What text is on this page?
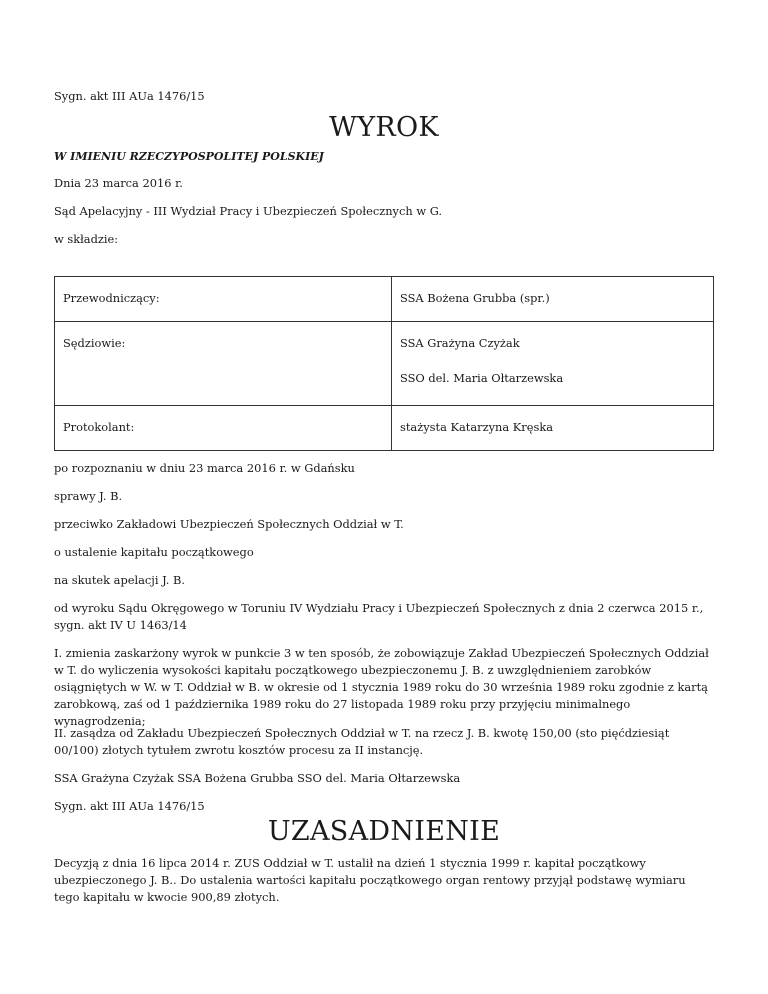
Sygn. akt III AUa 1476/15

WYROK

W IMIENIU RZECZYPOSPOLITEJ POLSKIEJ

Dnia 23 marca 2016 r.

Sąd Apelacyjny - III Wydział Pracy i Ubezpieczeń Społecznych w G.

w składzie:

Przewodniczący:	SSA Bożena Grubba (spr.)
Sędziowie:	SSA Grażyna Czyżak

SSO del. Maria Ołtarzewska

Protokolant:	stażysta Katarzyna Kręska

po rozpoznaniu w dniu 23 marca 2016 r. w Gdańsku

sprawy J. B.

przeciwko Zakładowi Ubezpieczeń Społecznych Oddział w T.

o ustalenie kapitału początkowego

na skutek apelacji J. B.

od wyroku Sądu Okręgowego w Toruniu IV Wydziału Pracy i Ubezpieczeń Społecznych z dnia 2 czerwca 2015 r., sygn. akt IV U 1463/14

I. zmienia zaskarżony wyrok w punkcie 3 w ten sposób, że zobowiązuje Zakład Ubezpieczeń Społecznych Oddział w T. do wyliczenia wysokości kapitału początkowego ubezpieczonemu J. B. z uwzględnieniem zarobków osiągniętych w W. w T. Oddział w B. w okresie od 1 stycznia 1989 roku do 30 września 1989 roku zgodnie z kartą zarobkową, zaś od 1 października 1989 roku do 27 listopada 1989 roku przy przyjęciu minimalnego wynagrodzenia;

II. zasądza od Zakładu Ubezpieczeń Społecznych Oddział w T. na rzecz J. B. kwotę 150,00 (sto pięćdziesiąt 00/100) złotych tytułem zwrotu kosztów procesu za II instancję.

SSA Grażyna Czyżak SSA Bożena Grubba SSO del. Maria Ołtarzewska

Sygn. akt III AUa 1476/15

UZASADNIENIE

Decyzją z dnia 16 lipca 2014 r. ZUS Oddział w T. ustalił na dzień 1 stycznia 1999 r. kapitał początkowy ubezpieczonego J. B.. Do ustalenia wartości kapitału początkowego organ rentowy przyjął podstawę wymiaru tego kapitału w kwocie 900,89 złotych.
